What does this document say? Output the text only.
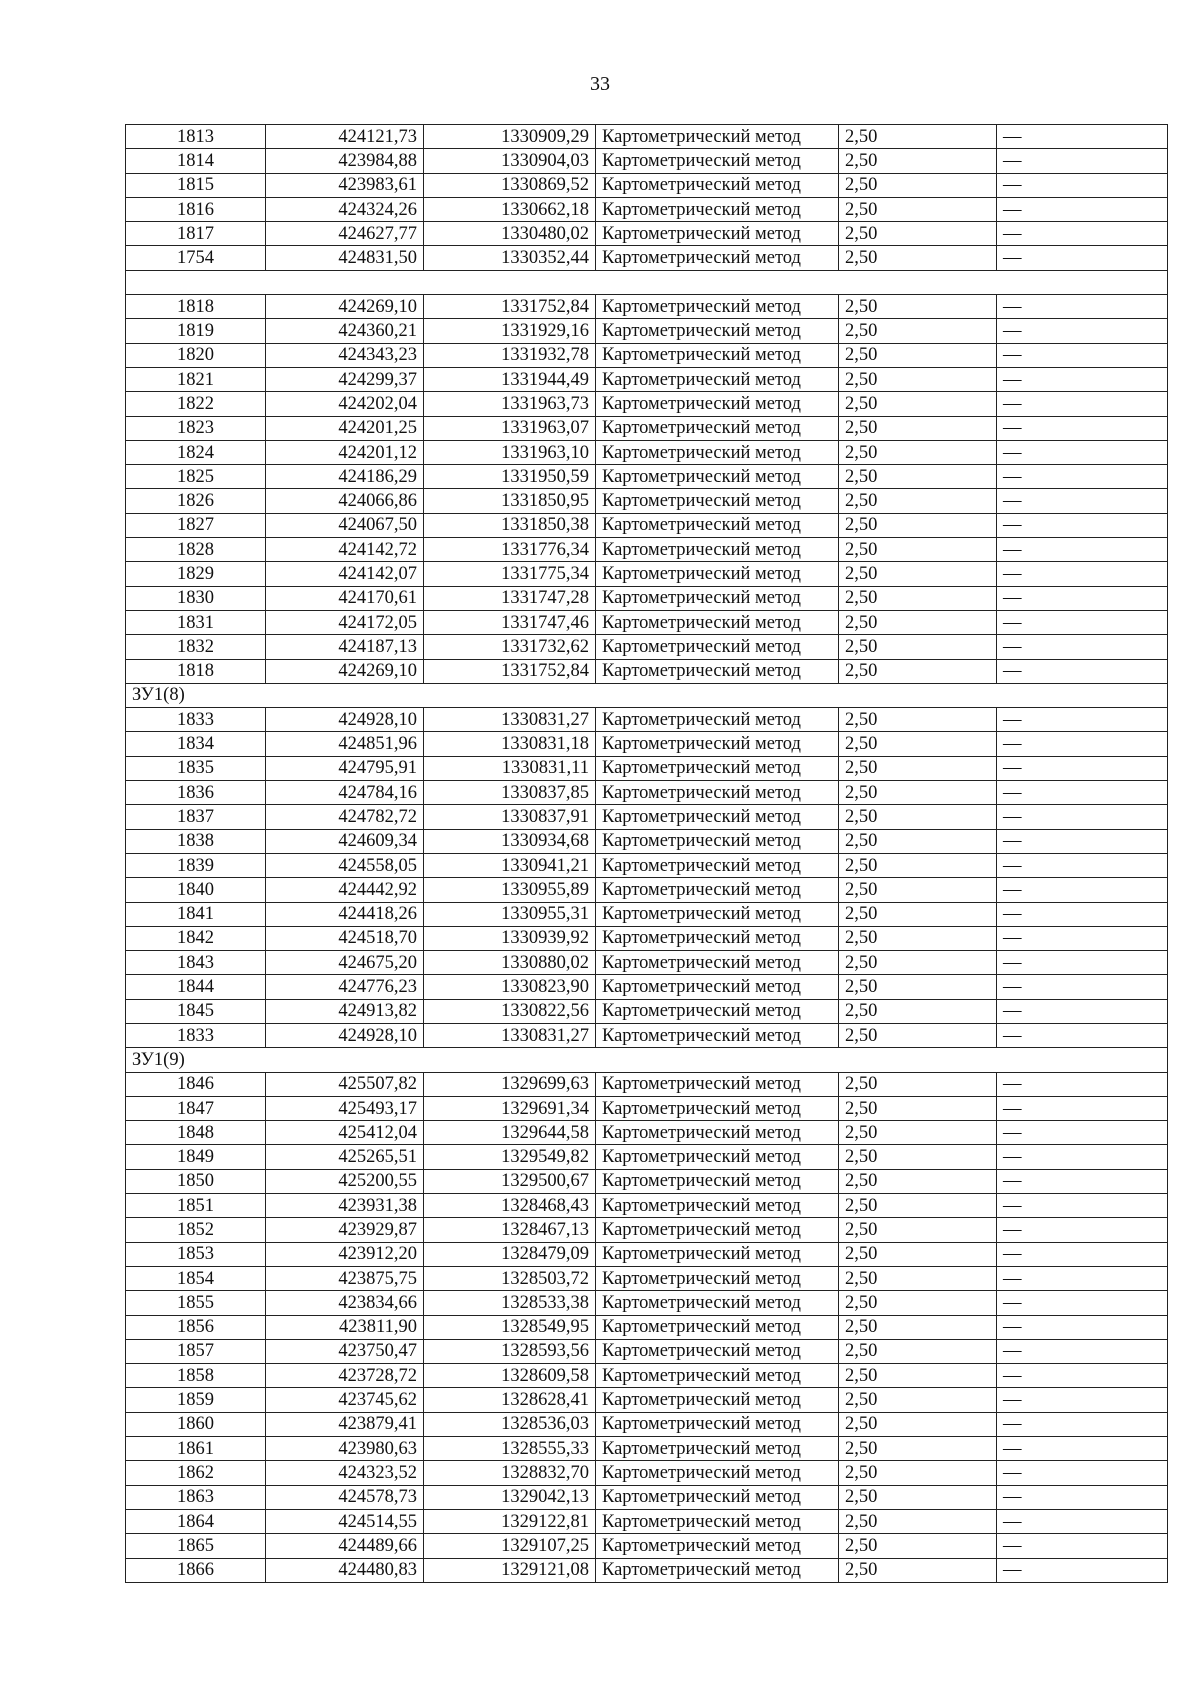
33
1813	424121,73	1330909,29	Картометрический метод	2,50	—
1814	423984,88	1330904,03	Картометрический метод	2,50	—
1815	423983,61	1330869,52	Картометрический метод	2,50	—
1816	424324,26	1330662,18	Картометрический метод	2,50	—
1817	424627,77	1330480,02	Картометрический метод	2,50	—
1754	424831,50	1330352,44	Картометрический метод	2,50	—

1818	424269,10	1331752,84	Картометрический метод	2,50	—
1819	424360,21	1331929,16	Картометрический метод	2,50	—
1820	424343,23	1331932,78	Картометрический метод	2,50	—
1821	424299,37	1331944,49	Картометрический метод	2,50	—
1822	424202,04	1331963,73	Картометрический метод	2,50	—
1823	424201,25	1331963,07	Картометрический метод	2,50	—
1824	424201,12	1331963,10	Картометрический метод	2,50	—
1825	424186,29	1331950,59	Картометрический метод	2,50	—
1826	424066,86	1331850,95	Картометрический метод	2,50	—
1827	424067,50	1331850,38	Картометрический метод	2,50	—
1828	424142,72	1331776,34	Картометрический метод	2,50	—
1829	424142,07	1331775,34	Картометрический метод	2,50	—
1830	424170,61	1331747,28	Картометрический метод	2,50	—
1831	424172,05	1331747,46	Картометрический метод	2,50	—
1832	424187,13	1331732,62	Картометрический метод	2,50	—
1818	424269,10	1331752,84	Картометрический метод	2,50	—
ЗУ1(8)					
1833	424928,10	1330831,27	Картометрический метод	2,50	—
1834	424851,96	1330831,18	Картометрический метод	2,50	—
1835	424795,91	1330831,11	Картометрический метод	2,50	—
1836	424784,16	1330837,85	Картометрический метод	2,50	—
1837	424782,72	1330837,91	Картометрический метод	2,50	—
1838	424609,34	1330934,68	Картометрический метод	2,50	—
1839	424558,05	1330941,21	Картометрический метод	2,50	—
1840	424442,92	1330955,89	Картометрический метод	2,50	—
1841	424418,26	1330955,31	Картометрический метод	2,50	—
1842	424518,70	1330939,92	Картометрический метод	2,50	—
1843	424675,20	1330880,02	Картометрический метод	2,50	—
1844	424776,23	1330823,90	Картометрический метод	2,50	—
1845	424913,82	1330822,56	Картометрический метод	2,50	—
1833	424928,10	1330831,27	Картометрический метод	2,50	—
ЗУ1(9)					
1846	425507,82	1329699,63	Картометрический метод	2,50	—
1847	425493,17	1329691,34	Картометрический метод	2,50	—
1848	425412,04	1329644,58	Картометрический метод	2,50	—
1849	425265,51	1329549,82	Картометрический метод	2,50	—
1850	425200,55	1329500,67	Картометрический метод	2,50	—
1851	423931,38	1328468,43	Картометрический метод	2,50	—
1852	423929,87	1328467,13	Картометрический метод	2,50	—
1853	423912,20	1328479,09	Картометрический метод	2,50	—
1854	423875,75	1328503,72	Картометрический метод	2,50	—
1855	423834,66	1328533,38	Картометрический метод	2,50	—
1856	423811,90	1328549,95	Картометрический метод	2,50	—
1857	423750,47	1328593,56	Картометрический метод	2,50	—
1858	423728,72	1328609,58	Картометрический метод	2,50	—
1859	423745,62	1328628,41	Картометрический метод	2,50	—
1860	423879,41	1328536,03	Картометрический метод	2,50	—
1861	423980,63	1328555,33	Картометрический метод	2,50	—
1862	424323,52	1328832,70	Картометрический метод	2,50	—
1863	424578,73	1329042,13	Картометрический метод	2,50	—
1864	424514,55	1329122,81	Картометрический метод	2,50	—
1865	424489,66	1329107,25	Картометрический метод	2,50	—
1866	424480,83	1329121,08	Картометрический метод	2,50	—
